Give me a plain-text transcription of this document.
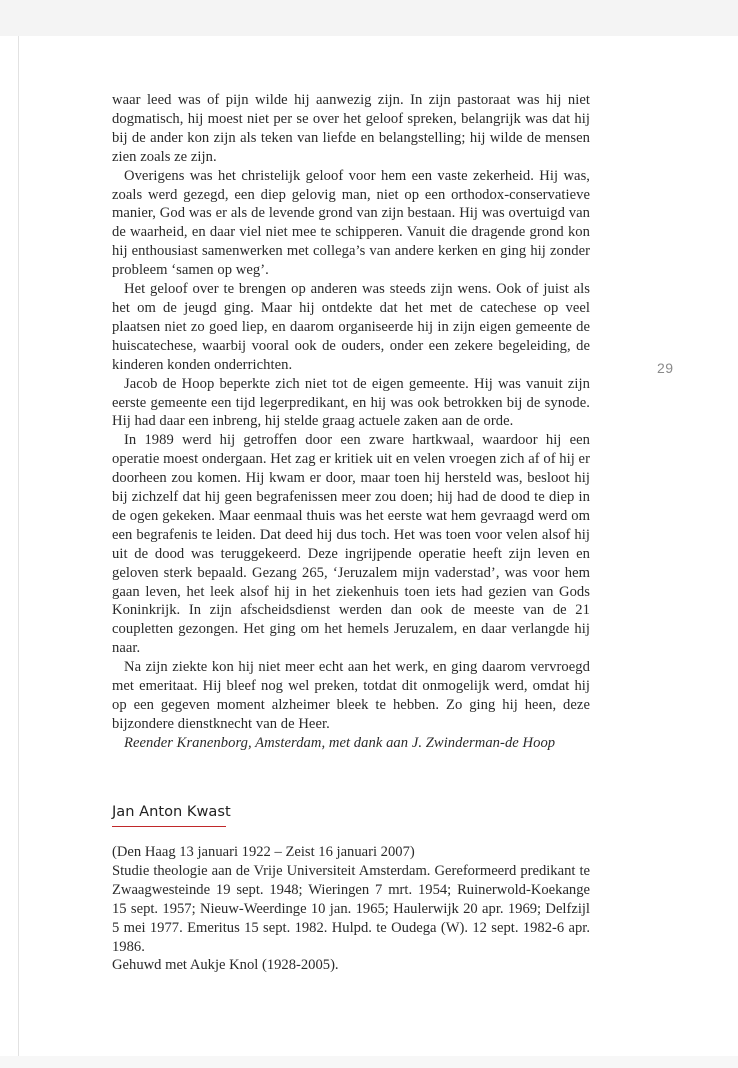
waar leed was of pijn wilde hij aanwezig zijn. In zijn pastoraat was hij niet dogmatisch, hij moest niet per se over het geloof spreken, belangrijk was dat hij bij de ander kon zijn als teken van liefde en belangstelling; hij wilde de mensen zien zoals ze zijn.

Overigens was het christelijk geloof voor hem een vaste zekerheid. Hij was, zoals werd gezegd, een diep gelovig man, niet op een orthodox-conservatieve manier, God was er als de levende grond van zijn bestaan. Hij was overtuigd van de waarheid, en daar viel niet mee te schipperen. Vanuit die dragende grond kon hij enthousiast samenwerken met collega’s van andere kerken en ging hij zonder probleem ‘samen op weg’.

Het geloof over te brengen op anderen was steeds zijn wens. Ook of juist als het om de jeugd ging. Maar hij ontdekte dat het met de catechese op veel plaatsen niet zo goed liep, en daarom organiseerde hij in zijn eigen gemeente de huiscatechese, waarbij vooral ook de ouders, onder een zekere begeleiding, de kinderen konden onderrichten.

Jacob de Hoop beperkte zich niet tot de eigen gemeente. Hij was vanuit zijn eerste gemeente een tijd legerpredikant, en hij was ook betrokken bij de synode. Hij had daar een inbreng, hij stelde graag actuele zaken aan de orde.

In 1989 werd hij getroffen door een zware hartkwaal, waardoor hij een operatie moest ondergaan. Het zag er kritiek uit en velen vroegen zich af of hij er doorheen zou komen. Hij kwam er door, maar toen hij hersteld was, besloot hij bij zichzelf dat hij geen begrafenissen meer zou doen; hij had de dood te diep in de ogen gekeken. Maar eenmaal thuis was het eerste wat hem gevraagd werd om een begrafenis te leiden. Dat deed hij dus toch. Het was toen voor velen alsof hij uit de dood was teruggekeerd. Deze ingrijpende operatie heeft zijn leven en geloven sterk bepaald. Gezang 265, ‘Jeruzalem mijn vaderstad’, was voor hem gaan leven, het leek alsof hij in het ziekenhuis toen iets had gezien van Gods Koninkrijk. In zijn afscheidsdienst werden dan ook de meeste van de 21 coupletten gezongen. Het ging om het hemels Jeruzalem, en daar verlangde hij naar.

Na zijn ziekte kon hij niet meer echt aan het werk, en ging daarom vervroegd met emeritaat. Hij bleef nog wel preken, totdat dit onmogelijk werd, omdat hij op een gegeven moment alzheimer bleek te hebben. Zo ging hij heen, deze bijzondere dienstknecht van de Heer.

Reender Kranenborg, Amsterdam, met dank aan J. Zwinderman-de Hoop

29
Jan Anton Kwast

(Den Haag 13 januari 1922 – Zeist 16 januari 2007)

Studie theologie aan de Vrije Universiteit Amsterdam. Gereformeerd predikant te Zwaagwesteinde 19 sept. 1948; Wieringen 7 mrt. 1954; Ruinerwold-Koekange 15 sept. 1957; Nieuw-Weerdinge 10 jan. 1965; Haulerwijk 20 apr. 1969; Delfzijl 5 mei 1977. Emeritus 15 sept. 1982. Hulpd. te Oudega (W). 12 sept. 1982-6 apr. 1986.

Gehuwd met Aukje Knol (1928-2005).
